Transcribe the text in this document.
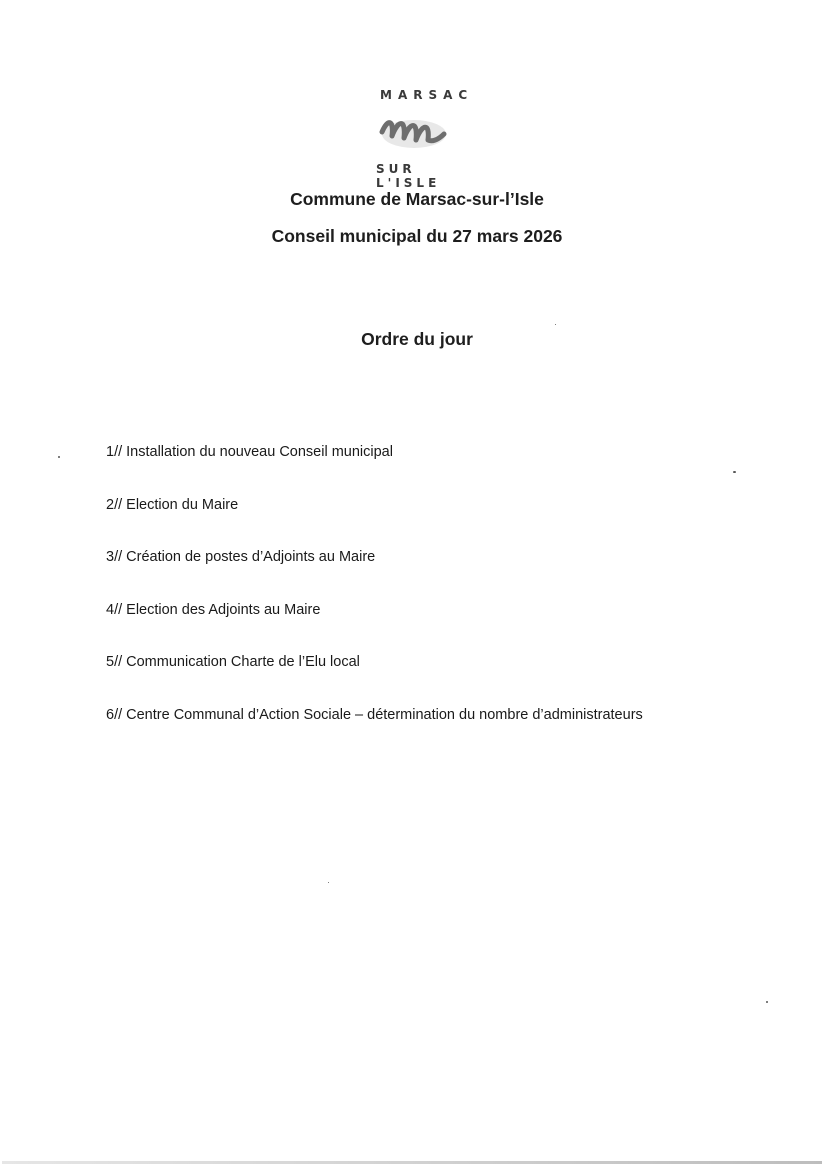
MARSAC
SUR L'ISLE
Commune de Marsac-sur-l’Isle
Conseil municipal du 27 mars 2026
Ordre du jour
1// Installation du nouveau Conseil municipal
2// Election du Maire
3// Création de postes d’Adjoints au Maire
4// Election des Adjoints au Maire
5// Communication Charte de l’Elu local
6// Centre Communal d’Action Sociale – détermination du nombre d’administrateurs
